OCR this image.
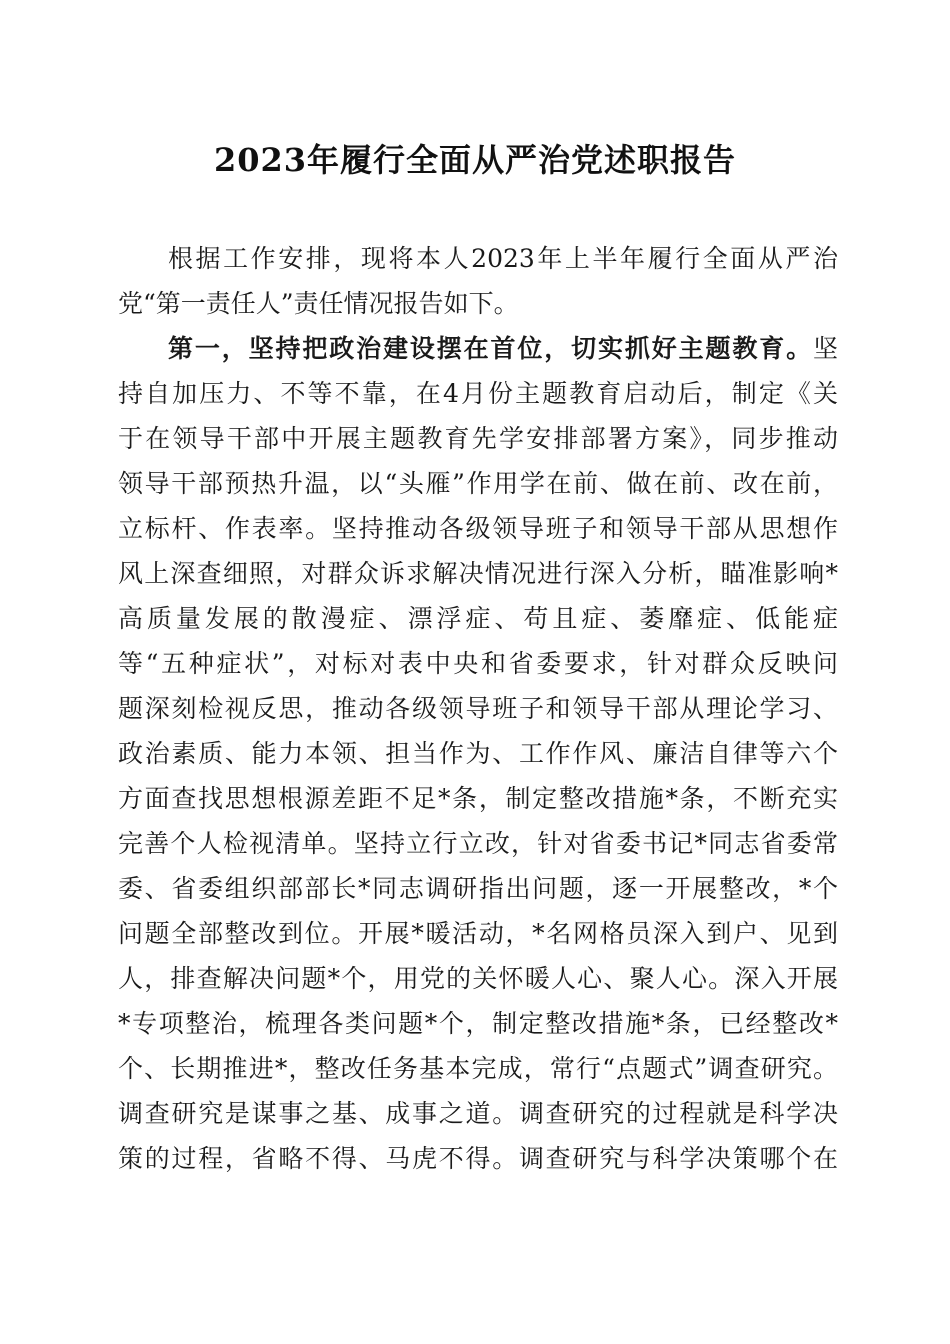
2023年履行全面从严治党述职报告
根据工作安排，现将本人2023年上半年履行全面从严治
党“第一责任人”责任情况报告如下。
第一，坚持把政治建设摆在首位，切实抓好主题教育。坚
持自加压力、不等不靠，在4月份主题教育启动后，制定《关
于在领导干部中开展主题教育先学安排部署方案》，同步推动
领导干部预热升温，以“头雁”作用学在前、做在前、改在前，
立标杆、作表率。坚持推动各级领导班子和领导干部从思想作
风上深查细照，对群众诉求解决情况进行深入分析，瞄准影响*
高质量发展的散漫症、漂浮症、苟且症、萎靡症、低能症
等“五种症状”，对标对表中央和省委要求，针对群众反映问
题深刻检视反思，推动各级领导班子和领导干部从理论学习、
政治素质、能力本领、担当作为、工作作风、廉洁自律等六个
方面查找思想根源差距不足*条，制定整改措施*条，不断充实
完善个人检视清单。坚持立行立改，针对省委书记*同志省委常
委、省委组织部部长*同志调研指出问题，逐一开展整改，*个
问题全部整改到位。开展*暖活动，*名网格员深入到户、见到
人，排查解决问题*个，用党的关怀暖人心、聚人心。深入开展
*专项整治，梳理各类问题*个，制定整改措施*条，已经整改*
个、长期推进*，整改任务基本完成，常行“点题式”调查研究。
调查研究是谋事之基、成事之道。调查研究的过程就是科学决
策的过程，省略不得、马虎不得。调查研究与科学决策哪个在
